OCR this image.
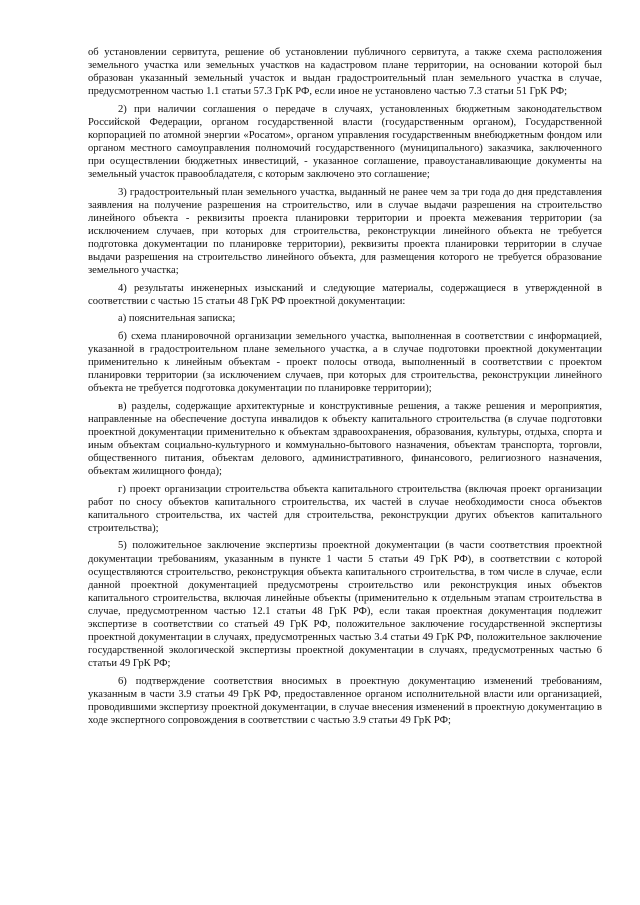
об установлении сервитута, решение об установлении публичного сервитута, а также схема расположения земельного участка или земельных участков на кадастровом плане территории, на основании которой был образован указанный земельный участок и выдан градостроительный план земельного участка в случае, предусмотренном частью 1.1 статьи 57.3 ГрК РФ, если иное не установлено частью 7.3 статьи 51 ГрК РФ;

2) при наличии соглашения о передаче в случаях, установленных бюджетным законодательством Российской Федерации, органом государственной власти (государственным органом), Государственной корпорацией по атомной энергии «Росатом», органом управления государственным внебюджетным фондом или органом местного самоуправления полномочий государственного (муниципального) заказчика, заключенного при осуществлении бюджетных инвестиций, - указанное соглашение, правоустанавливающие документы на земельный участок правообладателя, с которым заключено это соглашение;

3) градостроительный план земельного участка, выданный не ранее чем за три года до дня представления заявления на получение разрешения на строительство, или в случае выдачи разрешения на строительство линейного объекта - реквизиты проекта планировки территории и проекта межевания территории (за исключением случаев, при которых для строительства, реконструкции линейного объекта не требуется подготовка документации по планировке территории), реквизиты проекта планировки территории в случае выдачи разрешения на строительство линейного объекта, для размещения которого не требуется образование земельного участка;

4) результаты инженерных изысканий и следующие материалы, содержащиеся в утвержденной в соответствии с частью 15 статьи 48 ГрК РФ проектной документации:

а) пояснительная записка;

б) схема планировочной организации земельного участка, выполненная в соответствии с информацией, указанной в градостроительном плане земельного участка, а в случае подготовки проектной документации применительно к линейным объектам - проект полосы отвода, выполненный в соответствии с проектом планировки территории (за исключением случаев, при которых для строительства, реконструкции линейного объекта не требуется подготовка документации по планировке территории);

в) разделы, содержащие архитектурные и конструктивные решения, а также решения и мероприятия, направленные на обеспечение доступа инвалидов к объекту капитального строительства (в случае подготовки проектной документации применительно к объектам здравоохранения, образования, культуры, отдыха, спорта и иным объектам социально-культурного и коммунально-бытового назначения, объектам транспорта, торговли, общественного питания, объектам делового, административного, финансового, религиозного назначения, объектам жилищного фонда);

г) проект организации строительства объекта капитального строительства (включая проект организации работ по сносу объектов капитального строительства, их частей в случае необходимости сноса объектов капитального строительства, их частей для строительства, реконструкции других объектов капитального строительства);

5) положительное заключение экспертизы проектной документации (в части соответствия проектной документации требованиям, указанным в пункте 1 части 5 статьи 49 ГрК РФ), в соответствии с которой осуществляются строительство, реконструкция объекта капитального строительства, в том числе в случае, если данной проектной документацией предусмотрены строительство или реконструкция иных объектов капитального строительства, включая линейные объекты (применительно к отдельным этапам строительства в случае, предусмотренном частью 12.1 статьи 48 ГрК РФ), если такая проектная документация подлежит экспертизе в соответствии со статьей 49 ГрК РФ, положительное заключение государственной экспертизы проектной документации в случаях, предусмотренных частью 3.4 статьи 49 ГрК РФ, положительное заключение государственной экологической экспертизы проектной документации в случаях, предусмотренных частью 6 статьи 49 ГрК РФ;

6) подтверждение соответствия вносимых в проектную документацию изменений требованиям, указанным в части 3.9 статьи 49 ГрК РФ, предоставленное органом исполнительной власти или организацией, проводившими экспертизу проектной документации, в случае внесения изменений в проектную документацию в ходе экспертного сопровождения в соответствии с частью 3.9 статьи 49 ГрК РФ;
